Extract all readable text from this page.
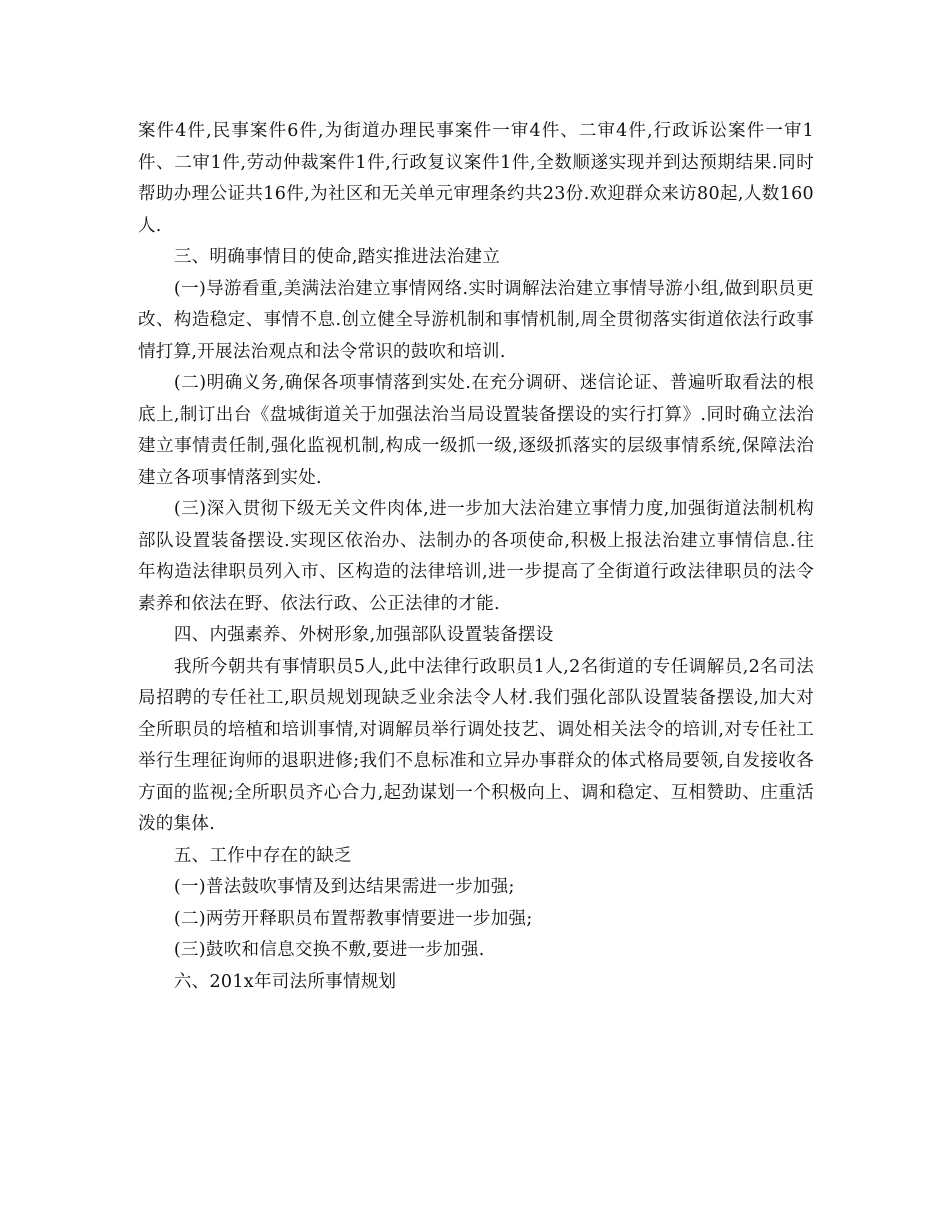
案件4件,民事案件6件,为街道办理民事案件一审4件、二审4件,行政诉讼案件一审1件、二审1件,劳动仲裁案件1件,行政复议案件1件,全数顺遂实现并到达预期结果.同时帮助办理公证共16件,为社区和无关单元审理条约共23份.欢迎群众来访80起,人数160人.

三、明确事情目的使命,踏实推进法治建立

(一)导游看重,美满法治建立事情网络.实时调解法治建立事情导游小组,做到职员更改、构造稳定、事情不息.创立健全导游机制和事情机制,周全贯彻落实街道依法行政事情打算,开展法治观点和法令常识的鼓吹和培训.

(二)明确义务,确保各项事情落到实处.在充分调研、迷信论证、普遍听取看法的根底上,制订出台《盘城街道关于加强法治当局设置装备摆设的实行打算》.同时确立法治建立事情责任制,强化监视机制,构成一级抓一级,逐级抓落实的层级事情系统,保障法治建立各项事情落到实处.

(三)深入贯彻下级无关文件肉体,进一步加大法治建立事情力度,加强街道法制机构部队设置装备摆设.实现区依治办、法制办的各项使命,积极上报法治建立事情信息.往年构造法律职员列入市、区构造的法律培训,进一步提高了全街道行政法律职员的法令素养和依法在野、依法行政、公正法律的才能.

四、内强素养、外树形象,加强部队设置装备摆设

我所今朝共有事情职员5人,此中法律行政职员1人,2名街道的专任调解员,2名司法局招聘的专任社工,职员规划现缺乏业余法令人材.我们强化部队设置装备摆设,加大对全所职员的培植和培训事情,对调解员举行调处技艺、调处相关法令的培训,对专任社工举行生理征询师的退职进修;我们不息标准和立异办事群众的体式格局要领,自发接收各方面的监视;全所职员齐心合力,起劲谋划一个积极向上、调和稳定、互相赞助、庄重活泼的集体.

五、工作中存在的缺乏

(一)普法鼓吹事情及到达结果需进一步加强;

(二)两劳开释职员布置帮教事情要进一步加强;

(三)鼓吹和信息交换不敷,要进一步加强.

六、201x年司法所事情规划
